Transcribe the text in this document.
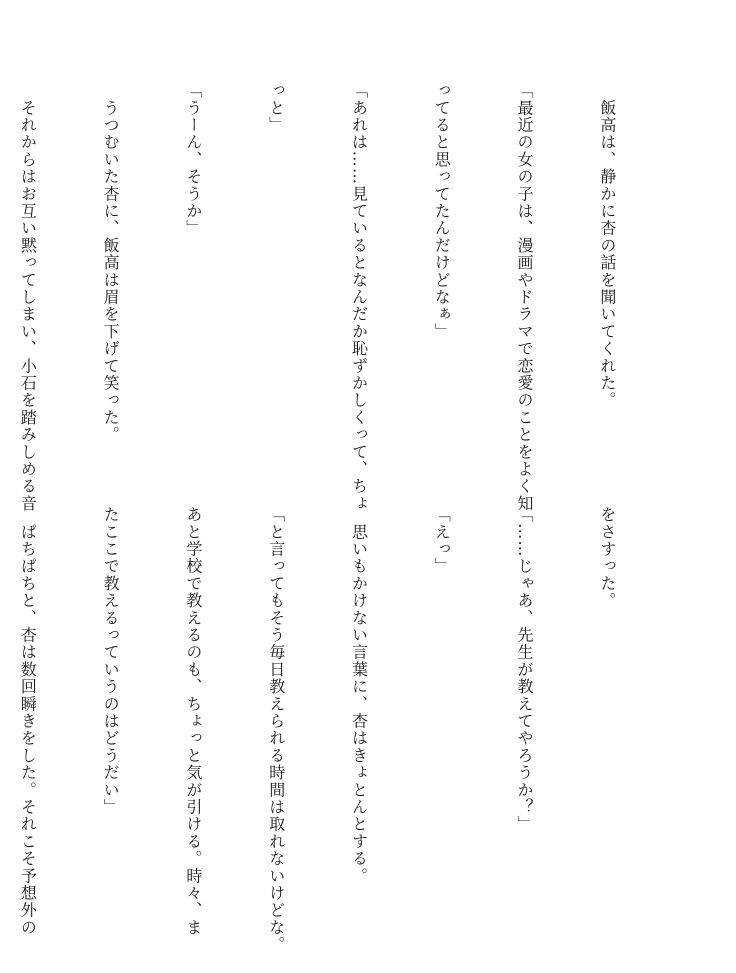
　飯高は、静かに杏の話を聞いてくれた。

「最近の女の子は、漫画やドラマで恋愛のことをよく知

ってると思ってたんだけどなぁ」

「あれは……見ているとなんだか恥ずかしくって、ちょ

っと」

「うーん、そうか」

　うつむいた杏に、飯高は眉を下げて笑った。

　それからはお互い黙ってしまい、小石を踏みしめる音

をさすった。

「……じゃあ、先生が教えてやろうか？」

「えっ」

　思いもかけない言葉に、杏はきょとんとする。

「と言ってもそう毎日教えられる時間は取れないけどな。

あと学校で教えるのも、ちょっと気が引ける。時々、ま

たここで教えるっていうのはどうだい」

　ぱちぱちと、杏は数回瞬きをした。それこそ予想外の
